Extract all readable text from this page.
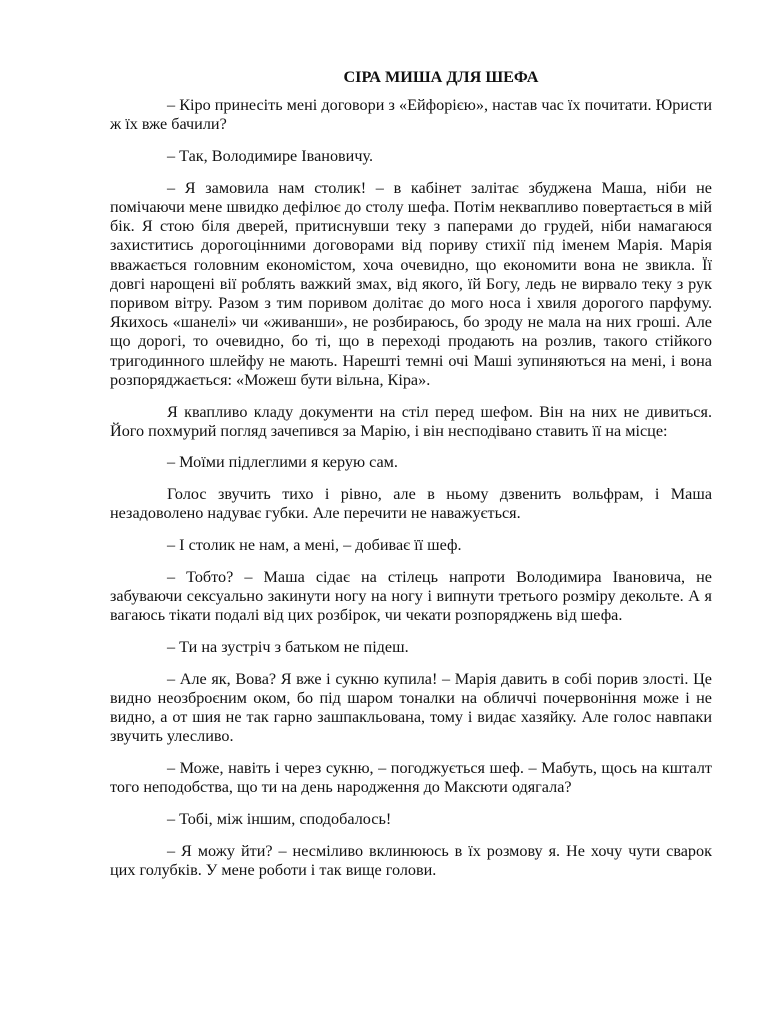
СІРА МИША ДЛЯ ШЕФА

– Кіро принесіть мені договори з «Ейфорією», настав час їх почитати. Юристи ж їх вже бачили?

– Так, Володимире Івановичу.

– Я замовила нам столик! – в кабінет залітає збуджена Маша, ніби не помічаючи мене швидко дефілює до столу шефа. Потім неквапливо повертається в мій бік. Я стою біля дверей, притиснувши теку з паперами до грудей, ніби намагаюся захиститись дорогоцінними договорами від пориву стихії під іменем Марія. Марія вважається головним економістом, хоча очевидно, що економити вона не звикла. Її довгі нарощені вії роблять важкий змах, від якого, їй Богу, ледь не вирвало теку з рук поривом вітру. Разом з тим поривом долітає до мого носа і хвиля дорогого парфуму. Якихось «шанелі» чи «живанши», не розбираюсь, бо зроду не мала на них гроші. Але що дорогі, то очевидно, бо ті, що в переході продають на розлив, такого стійкого тригодинного шлейфу не мають. Нарешті темні очі Маші зупиняються на мені, і вона розпоряджається: «Можеш бути вільна, Кіра».

Я квапливо кладу документи на стіл перед шефом. Він на них не дивиться. Його похмурий погляд зачепився за Марію, і він несподівано ставить її на місце:

– Моїми підлеглими я керую сам.

Голос звучить тихо і рівно, але в ньому дзвенить вольфрам, і Маша незадоволено надуває губки. Але перечити не наважується.

– І столик не нам, а мені, – добиває її шеф.

– Тобто? – Маша сідає на стілець напроти Володимира Івановича, не забуваючи сексуально закинути ногу на ногу і випнути третього розміру декольте. А я вагаюсь тікати подалі від цих розбірок, чи чекати розпоряджень від шефа.

– Ти на зустріч з батьком не підеш.

– Але як, Вова? Я вже і сукню купила! – Марія давить в собі порив злості. Це видно неозброєним оком, бо під шаром тоналки на обличчі почервоніння може і не видно, а от шия не так гарно зашпакльована, тому і видає хазяйку. Але голос навпаки звучить улесливо.

– Може, навіть і через сукню, – погоджується шеф. – Мабуть, щось на кшталт того неподобства, що ти на день народження до Максюти одягала?

– Тобі, між іншим, сподобалось!

– Я можу йти? – несміливо вклинююсь в їх розмову я. Не хочу чути сварок цих голубків. У мене роботи і так вище голови.
